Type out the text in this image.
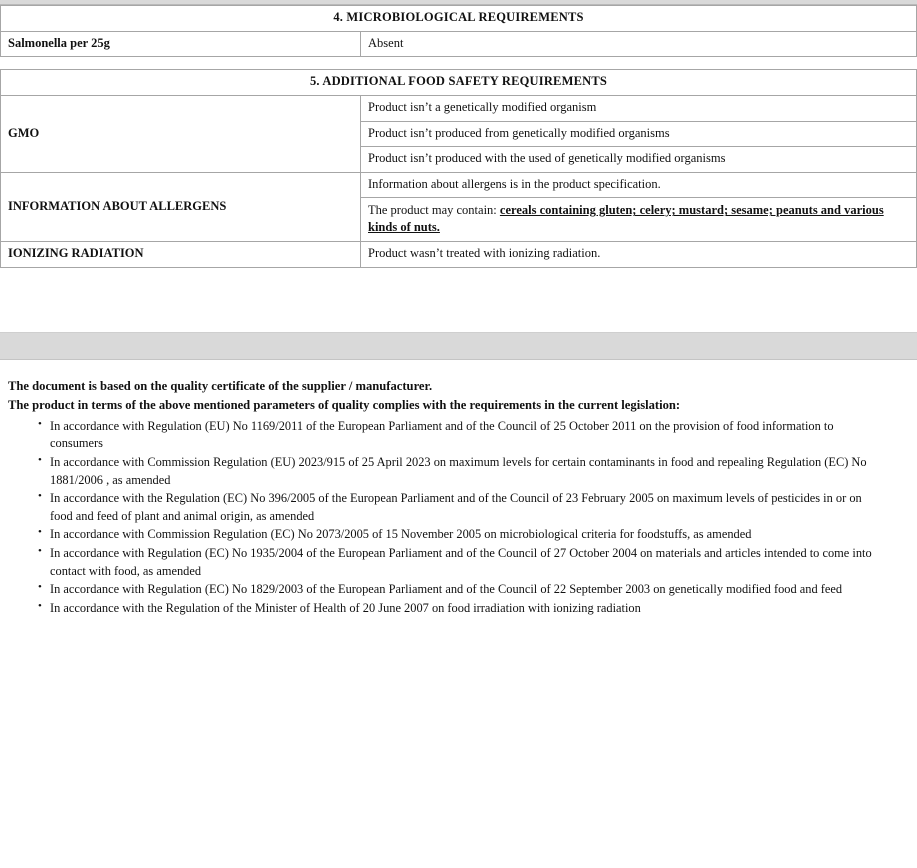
4. MICROBIOLOGICAL REQUIREMENTS
Salmonella per 25g	Absent
5. ADDITIONAL FOOD SAFETY REQUIREMENTS	
GMO	Product isn’t a genetically modified organism
	Product isn’t produced from genetically modified organisms
	Product isn’t produced with the used of genetically modified organisms
INFORMATION ABOUT ALLERGENS	Information about allergens is in the product specification.
	The product may contain: cereals containing gluten; celery; mustard; sesame; peanuts and various kinds of nuts.
IONIZING RADIATION	Product wasn’t treated with ionizing radiation.

The document is based on the quality certificate of the supplier / manufacturer.

The product in terms of the above mentioned parameters of quality complies with the requirements in the current legislation:

• In accordance with Regulation (EU) No 1169/2011 of the European Parliament and of the Council of 25 October 2011 on the provision of food information to consumers
• In accordance with Commission Regulation (EU) 2023/915 of 25 April 2023 on maximum levels for certain contaminants in food and repealing Regulation (EC) No 1881/2006 , as amended
• In accordance with the Regulation (EC) No 396/2005 of the European Parliament and of the Council of 23 February 2005 on maximum levels of pesticides in or on food and feed of plant and animal origin, as amended
• In accordance with Commission Regulation (EC) No 2073/2005 of 15 November 2005 on microbiological criteria for foodstuffs, as amended
• In accordance with Regulation (EC) No 1935/2004 of the European Parliament and of the Council of 27 October 2004 on materials and articles intended to come into contact with food, as amended
• In accordance with Regulation (EC) No 1829/2003 of the European Parliament and of the Council of 22 September 2003 on genetically modified food and feed
• In accordance with the Regulation of the Minister of Health of 20 June 2007 on food irradiation with ionizing radiation
